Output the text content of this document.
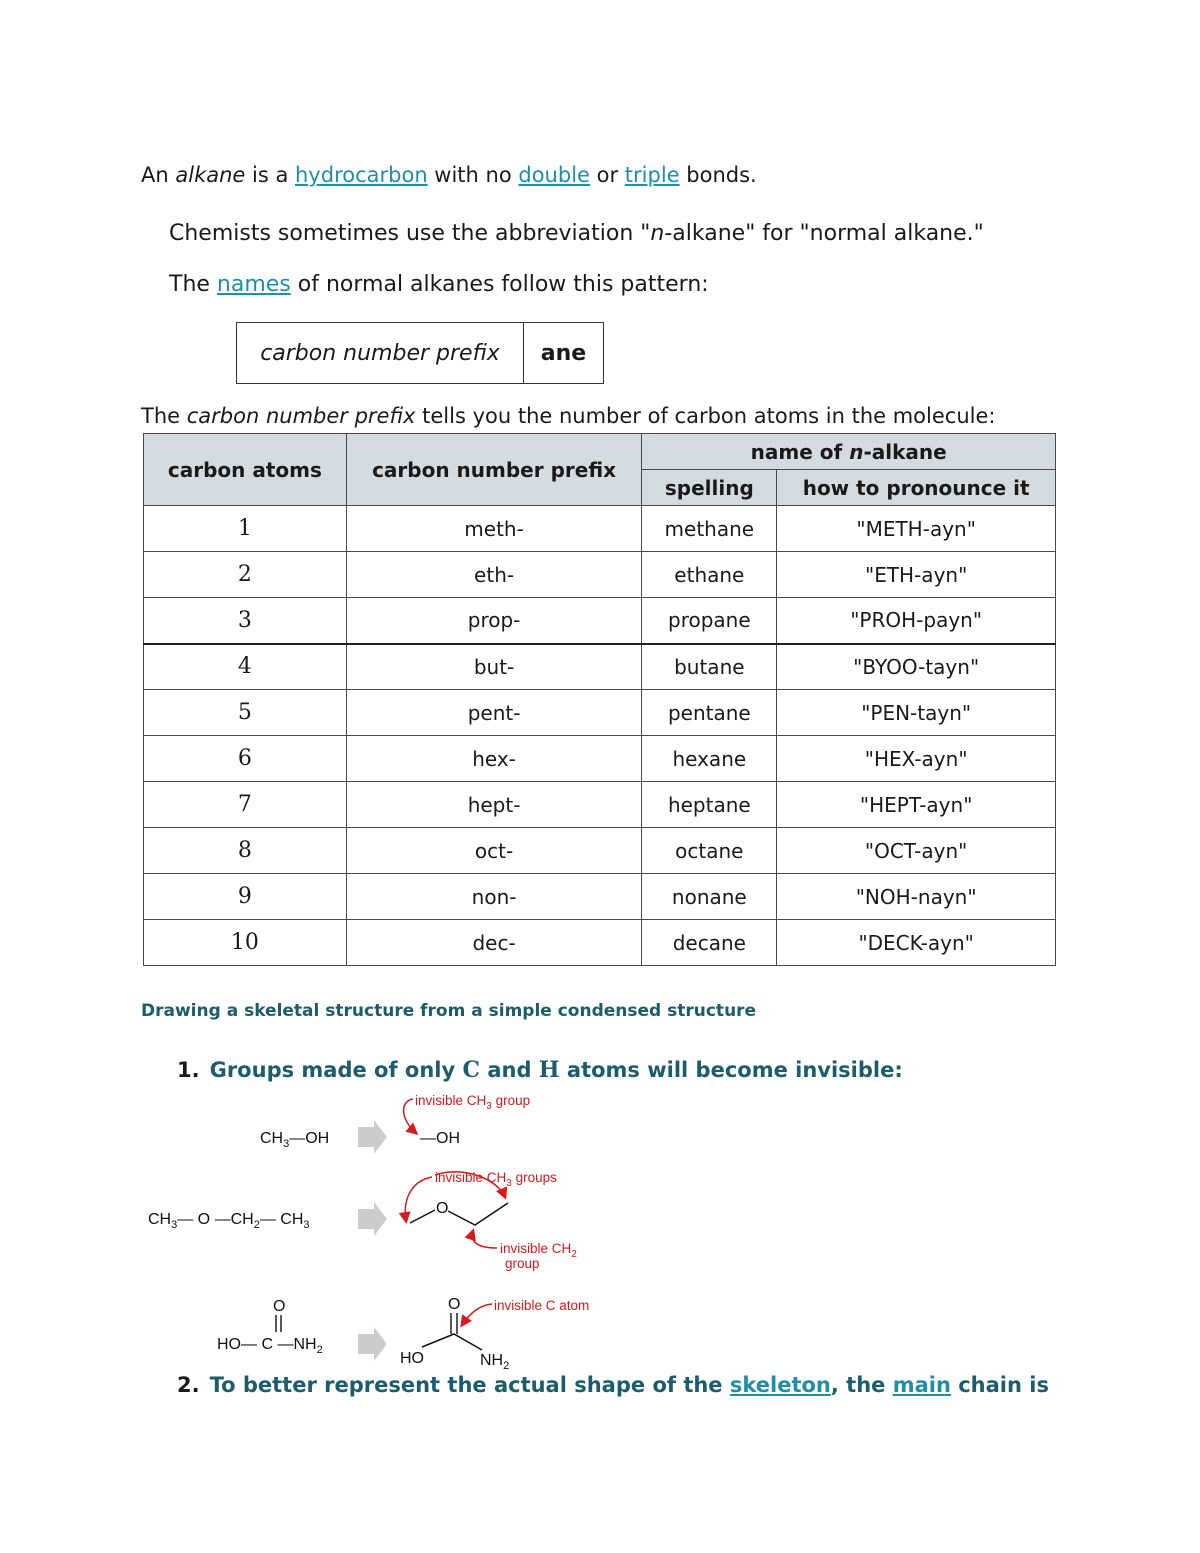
An alkane is a hydrocarbon with no double or triple bonds.
Chemists sometimes use the abbreviation "n-alkane" for "normal alkane."
The names of normal alkanes follow this pattern:
carbon number prefix	ane
The carbon number prefix tells you the number of carbon atoms in the molecule:
carbon atoms	carbon number prefix	name of n-alkane	
		spelling	how to pronounce it
1	meth-	methane	"METH-ayn"
2	eth-	ethane	"ETH-ayn"
3	prop-	propane	"PROH-payn"
4	but-	butane	"BYOO-tayn"
5	pent-	pentane	"PEN-tayn"
6	hex-	hexane	"HEX-ayn"
7	hept-	heptane	"HEPT-ayn"
8	oct-	octane	"OCT-ayn"
9	non-	nonane	"NOH-nayn"
10	dec-	decane	"DECK-ayn"
Drawing a skeletal structure from a simple condensed structure
1. Groups made of only C and H atoms will become invisible:
$CH_3—OH$	—OH
invisible $CH_3$ group
$CH_3—$ O $—CH_2—$ $CH_3$
O
invisible $CH_3$ groups
invisible $CH_2$
group
O
HO— C $—NH_2$
O
HO	$NH_2$
invisible C atom
2. To better represent the actual shape of the skeleton, the main chain is
